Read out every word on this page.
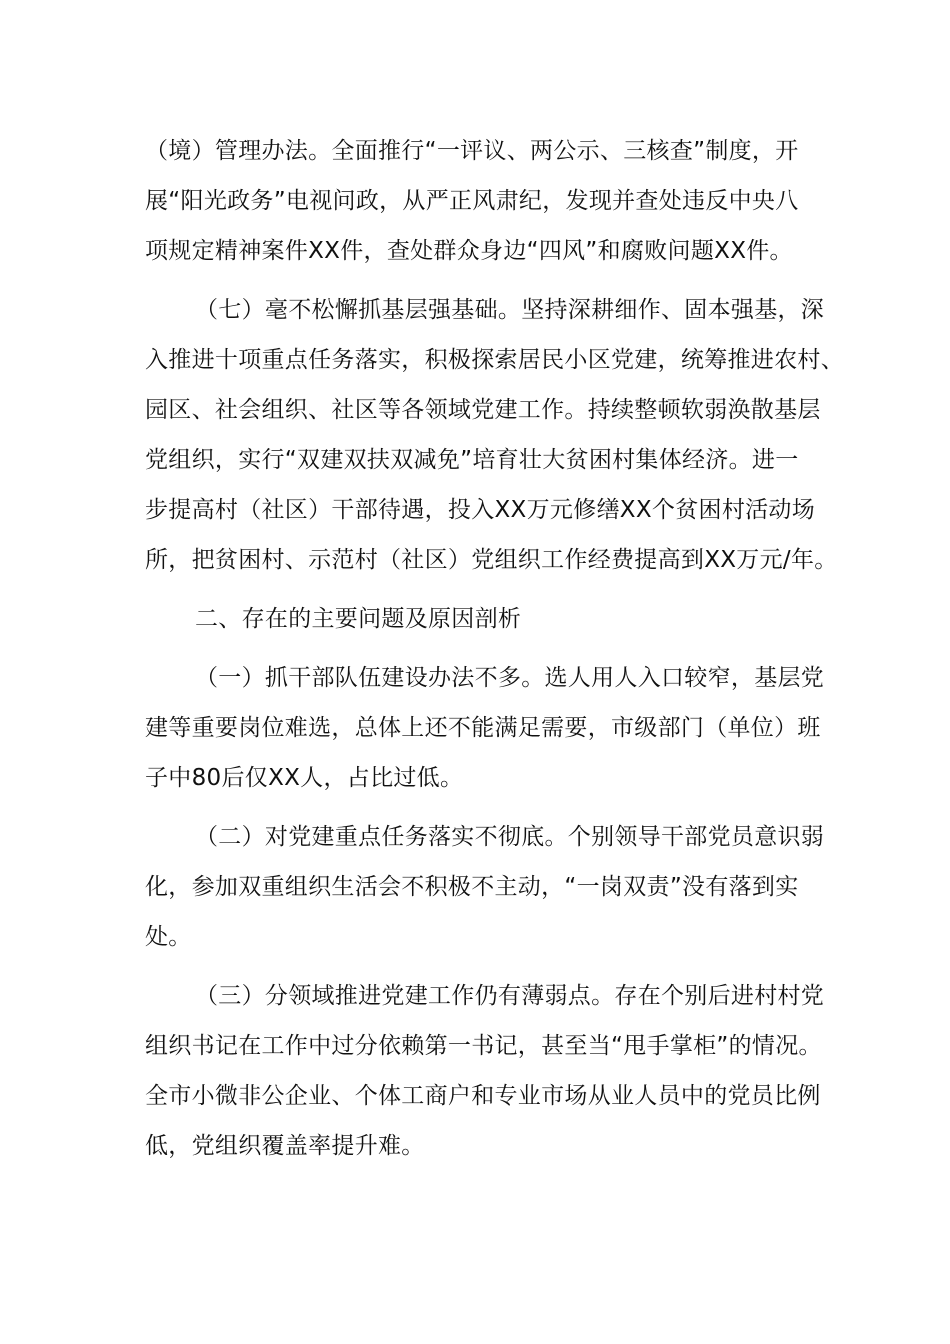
（境）管理办法。全面推行“一评议、两公示、三核查”制度，开

展“阳光政务”电视问政，从严正风肃纪，发现并查处违反中央八

项规定精神案件XX件，查处群众身边“四风”和腐败问题XX件。

（七）毫不松懈抓基层强基础。坚持深耕细作、固本强基，深

入推进十项重点任务落实，积极探索居民小区党建，统筹推进农村、

园区、社会组织、社区等各领域党建工作。持续整顿软弱涣散基层

党组织，实行“双建双扶双减免”培育壮大贫困村集体经济。进一

步提高村（社区）干部待遇，投入XX万元修缮XX个贫困村活动场

所，把贫困村、示范村（社区）党组织工作经费提高到XX万元/年。

二、存在的主要问题及原因剖析

（一）抓干部队伍建设办法不多。选人用人入口较窄，基层党

建等重要岗位难选，总体上还不能满足需要，市级部门（单位）班

子中80后仅XX人，占比过低。

（二）对党建重点任务落实不彻底。个别领导干部党员意识弱

化，参加双重组织生活会不积极不主动，“一岗双责”没有落到实

处。

（三）分领域推进党建工作仍有薄弱点。存在个别后进村村党

组织书记在工作中过分依赖第一书记，甚至当“甩手掌柜”的情况。

全市小微非公企业、个体工商户和专业市场从业人员中的党员比例

低，党组织覆盖率提升难。
